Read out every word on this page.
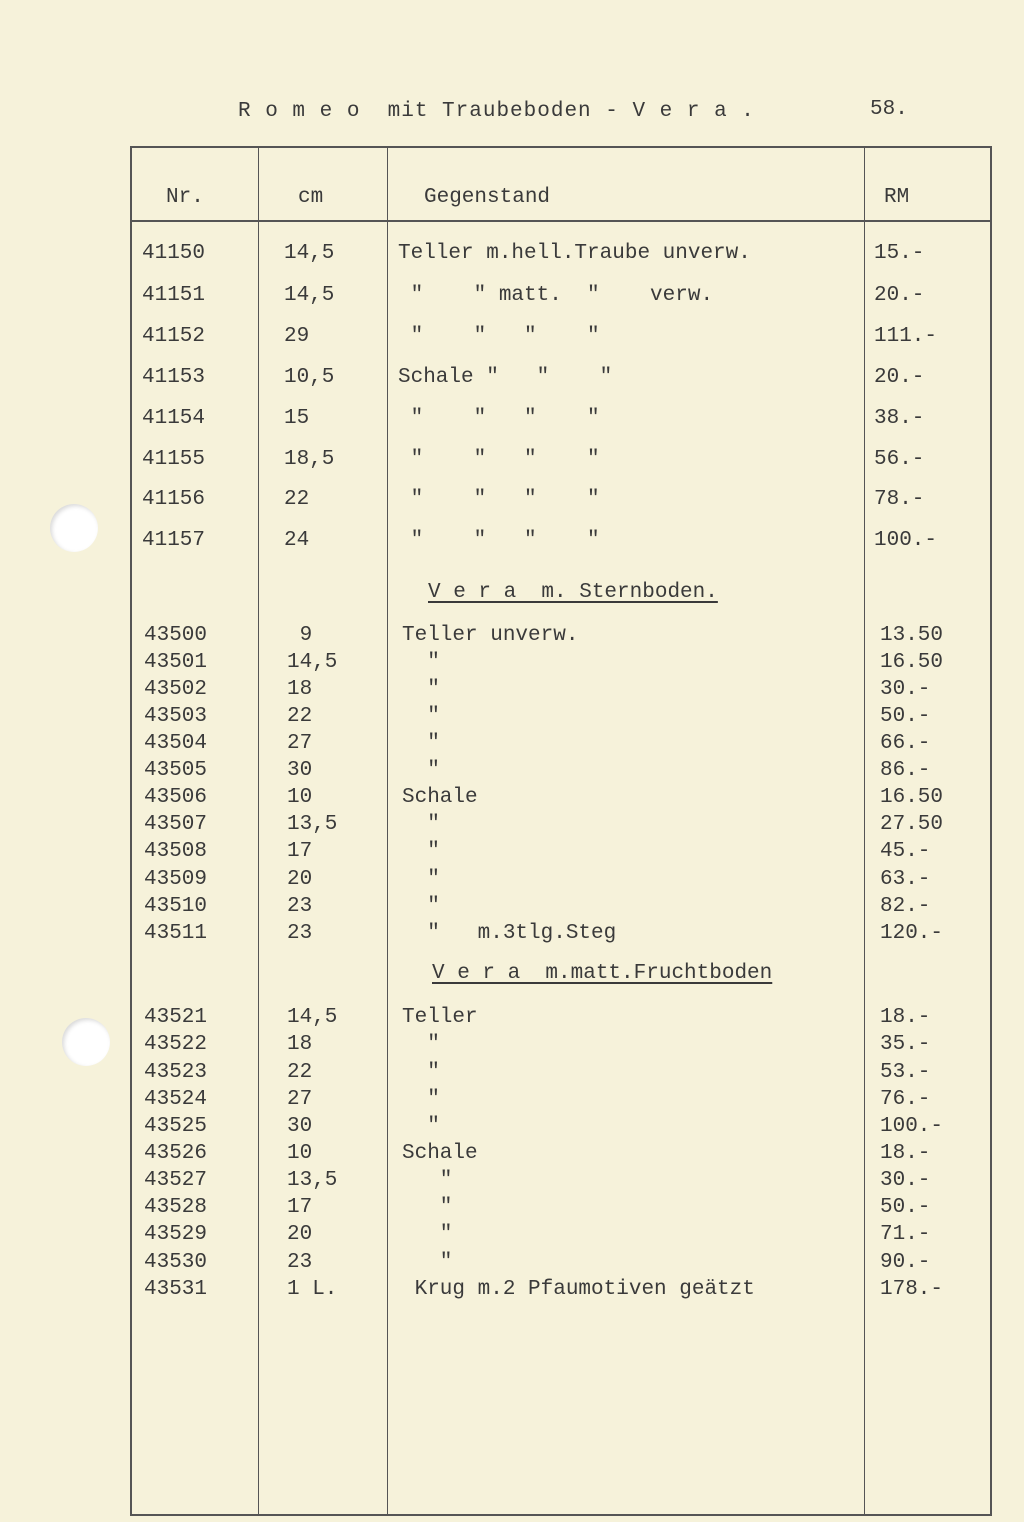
R o m e o  mit Traubeboden - V e r a .	58.
Nr.	cm	Gegenstand	RM
41150	14,5	Teller m.hell.Traube unverw.	15.-
41151	14,5	"    " matt.  "    verw.	20.-
41152	29	"    "   "    "	111.-
41153	10,5	Schale "   "    "	20.-
41154	15	"    "   "    "	38.-
41155	18,5	"    "   "    "	56.-
41156	22	"    "   "    "	78.-
41157	24	"    "   "    "	100.-
V e r a  m. Sternboden.
43500	9	Teller unverw.	13.50
43501	14,5	"	16.50
43502	18	"	30.-
43503	22	"	50.-
43504	27	"	66.-
43505	30	"	86.-
43506	10	Schale	16.50
43507	13,5	"	27.50
43508	17	"	45.-
43509	20	"	63.-
43510	23	"	82.-
43511	23	"   m.3tlg.Steg	120.-
V e r a  m.matt.Fruchtboden
43521	14,5	Teller	18.-
43522	18	"	35.-
43523	22	"	53.-
43524	27	"	76.-
43525	30	"	100.-
43526	10	Schale	18.-
43527	13,5	"	30.-
43528	17	"	50.-
43529	20	"	71.-
43530	23	"	90.-
43531	1 L.	Krug m.2 Pfaumotiven geätzt	178.-
